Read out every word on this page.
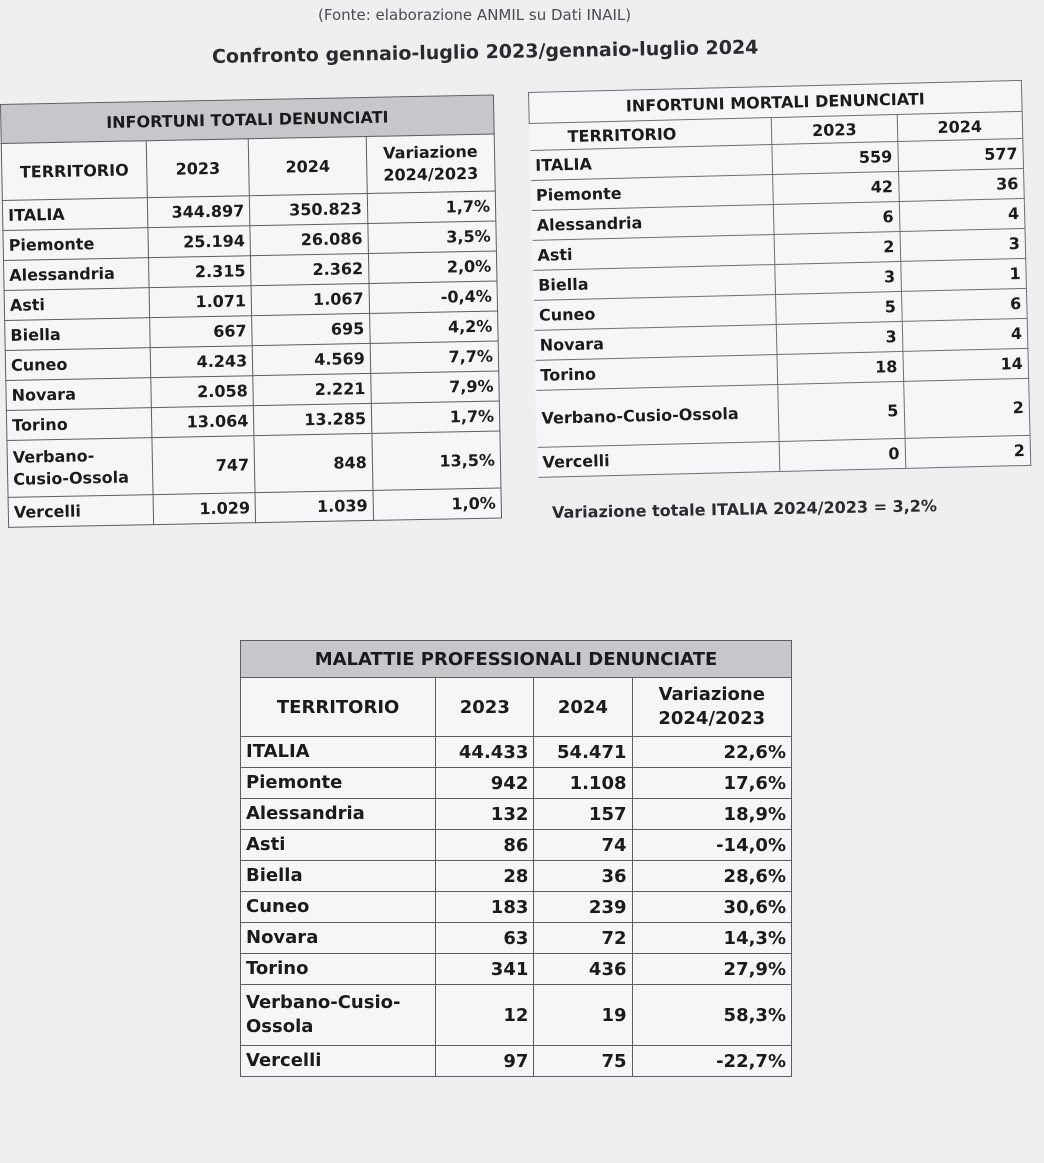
(Fonte: elaborazione ANMIL su Dati INAIL)
Confronto gennaio-luglio 2023/gennaio-luglio 2024
INFORTUNI TOTALI DENUNCIATI			
TERRITORIO	2023	2024	Variazione 2024/2023
ITALIA	344.897	350.823	1,7%
Piemonte	25.194	26.086	3,5%
Alessandria	2.315	2.362	2,0%
Asti	1.071	1.067	-0,4%
Biella	667	695	4,2%
Cuneo	4.243	4.569	7,7%
Novara	2.058	2.221	7,9%
Torino	13.064	13.285	1,7%
Verbano-Cusio-Ossola	747	848	13,5%
Vercelli	1.029	1.039	1,0%
INFORTUNI MORTALI DENUNCIATI		
TERRITORIO	2023	2024
ITALIA	559	577
Piemonte	42	36
Alessandria	6	4
Asti	2	3
Biella	3	1
Cuneo	5	6
Novara	3	4
Torino	18	14
Verbano-Cusio-Ossola	5	2
Vercelli	0	2
Variazione totale ITALIA 2024/2023 = 3,2%
MALATTIE PROFESSIONALI DENUNCIATE			
TERRITORIO	2023	2024	Variazione 2024/2023
ITALIA	44.433	54.471	22,6%
Piemonte	942	1.108	17,6%
Alessandria	132	157	18,9%
Asti	86	74	-14,0%
Biella	28	36	28,6%
Cuneo	183	239	30,6%
Novara	63	72	14,3%
Torino	341	436	27,9%
Verbano-Cusio-Ossola	12	19	58,3%
Vercelli	97	75	-22,7%
